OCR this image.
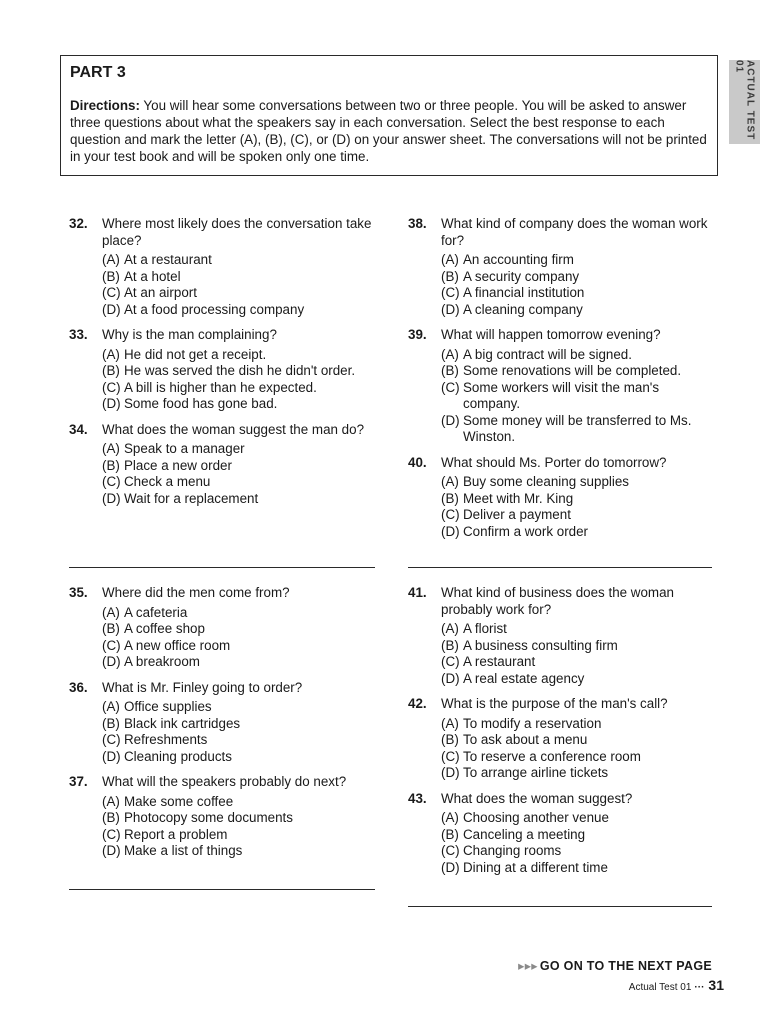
PART 3
Directions: You will hear some conversations between two or three people. You will be asked to answer three questions about what the speakers say in each conversation. Select the best response to each question and mark the letter (A), (B), (C), or (D) on your answer sheet. The conversations will not be printed in your test book and will be spoken only one time.
ACTUAL TEST 01
32.	Where most likely does the conversation take place?
(A) At a restaurant
(B) At a hotel
(C) At an airport
(D) At a food processing company
33.	Why is the man complaining?
(A) He did not get a receipt.
(B) He was served the dish he didn't order.
(C) A bill is higher than he expected.
(D) Some food has gone bad.
34.	What does the woman suggest the man do?
(A) Speak to a manager
(B) Place a new order
(C) Check a menu
(D) Wait for a replacement
38.	What kind of company does the woman work for?
(A) An accounting firm
(B) A security company
(C) A financial institution
(D) A cleaning company
39.	What will happen tomorrow evening?
(A) A big contract will be signed.
(B) Some renovations will be completed.
(C) Some workers will visit the man's company.
(D) Some money will be transferred to Ms. Winston.
40.	What should Ms. Porter do tomorrow?
(A) Buy some cleaning supplies
(B) Meet with Mr. King
(C) Deliver a payment
(D) Confirm a work order
35.	Where did the men come from?
(A) A cafeteria
(B) A coffee shop
(C) A new office room
(D) A breakroom
36.	What is Mr. Finley going to order?
(A) Office supplies
(B) Black ink cartridges
(C) Refreshments
(D) Cleaning products
37.	What will the speakers probably do next?
(A) Make some coffee
(B) Photocopy some documents
(C) Report a problem
(D) Make a list of things
41.	What kind of business does the woman probably work for?
(A) A florist
(B) A business consulting firm
(C) A restaurant
(D) A real estate agency
42.	What is the purpose of the man's call?
(A) To modify a reservation
(B) To ask about a menu
(C) To reserve a conference room
(D) To arrange airline tickets
43.	What does the woman suggest?
(A) Choosing another venue
(B) Canceling a meeting
(C) Changing rooms
(D) Dining at a different time
▸▸▸ GO ON TO THE NEXT PAGE
Actual Test 01 ··· 31
